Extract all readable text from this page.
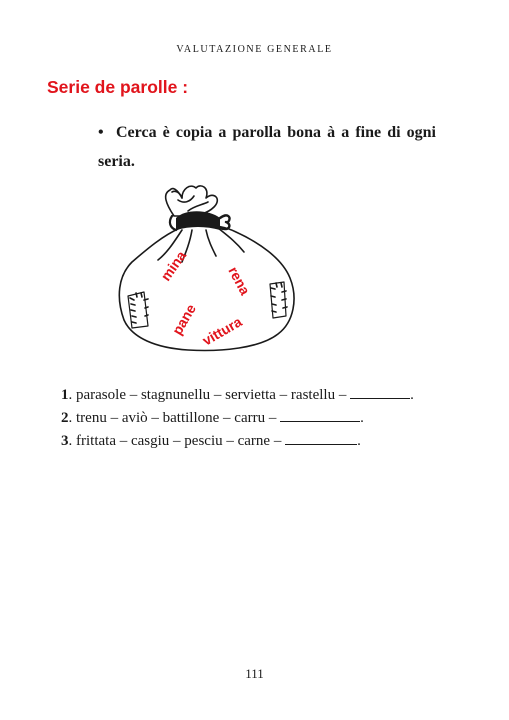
VALUTAZIONE GENERALE
Serie de parolle :
• Cerca è copia a parolla bona à a fine di ogni seria.
mina	rena
pane vittura
1. parasole – stagnunellu – servietta – rastellu –	.
2. trenu – aviò – battillone – carru –	.
3. frittata – casgiu – pesciu – carne –	.
111
